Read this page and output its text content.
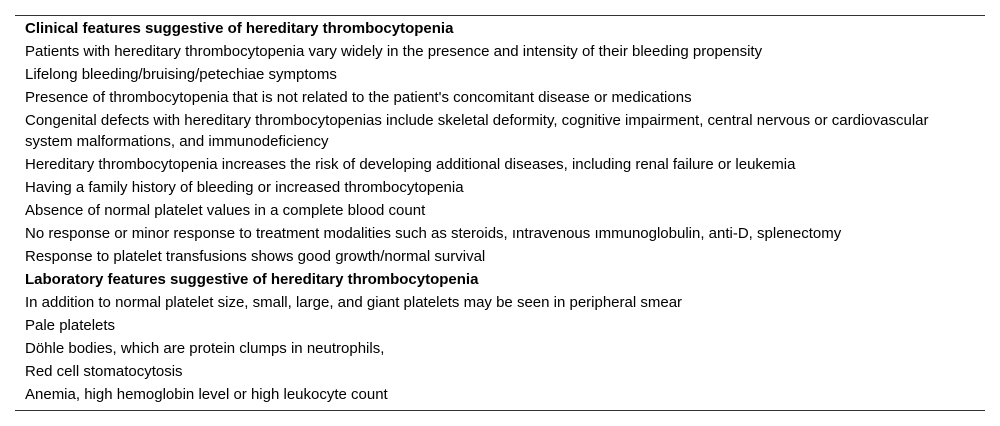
Clinical features suggestive of hereditary thrombocytopenia
Patients with hereditary thrombocytopenia vary widely in the presence and intensity of their bleeding propensity
Lifelong bleeding/bruising/petechiae symptoms
Presence of thrombocytopenia that is not related to the patient's concomitant disease or medications
Congenital defects with hereditary thrombocytopenias include skeletal deformity, cognitive impairment, central nervous or cardiovascular system malformations, and immunodeficiency
Hereditary thrombocytopenia increases the risk of developing additional diseases, including renal failure or leukemia
Having a family history of bleeding or increased thrombocytopenia
Absence of normal platelet values in a complete blood count
No response or minor response to treatment modalities such as steroids, ıntravenous ımmunoglobulin, anti-D, splenectomy
Response to platelet transfusions shows good growth/normal survival
Laboratory features suggestive of hereditary thrombocytopenia
In addition to normal platelet size, small, large, and giant platelets may be seen in peripheral smear
Pale platelets
Döhle bodies, which are protein clumps in neutrophils,
Red cell stomatocytosis
Anemia, high hemoglobin level or high leukocyte count
